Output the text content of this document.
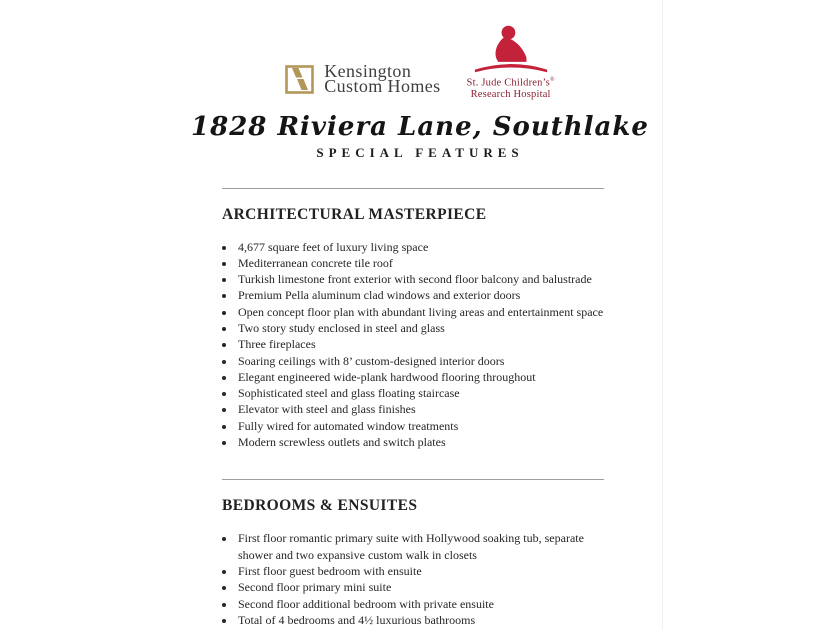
Kensington
Custom Homes St. Jude Children’s®
Research Hospital
1828 Riviera Lane, Southlake
SPECIAL FEATURES
ARCHITECTURAL MASTERPIECE
• 4,677 square feet of luxury living space
• Mediterranean concrete tile roof
• Turkish limestone front exterior with second floor balcony and balustrade
• Premium Pella aluminum clad windows and exterior doors
• Open concept floor plan with abundant living areas and entertainment space
• Two story study enclosed in steel and glass
• Three fireplaces
• Soaring ceilings with 8’ custom-designed interior doors
• Elegant engineered wide-plank hardwood flooring throughout
• Sophisticated steel and glass floating staircase
• Elevator with steel and glass finishes
• Fully wired for automated window treatments
• Modern screwless outlets and switch plates
BEDROOMS & ENSUITES
• First floor romantic primary suite with Hollywood soaking tub, separate shower and two expansive custom walk in closets
• First floor guest bedroom with ensuite
• Second floor primary mini suite
• Second floor additional bedroom with private ensuite
• Total of 4 bedrooms and 4½ luxurious bathrooms
